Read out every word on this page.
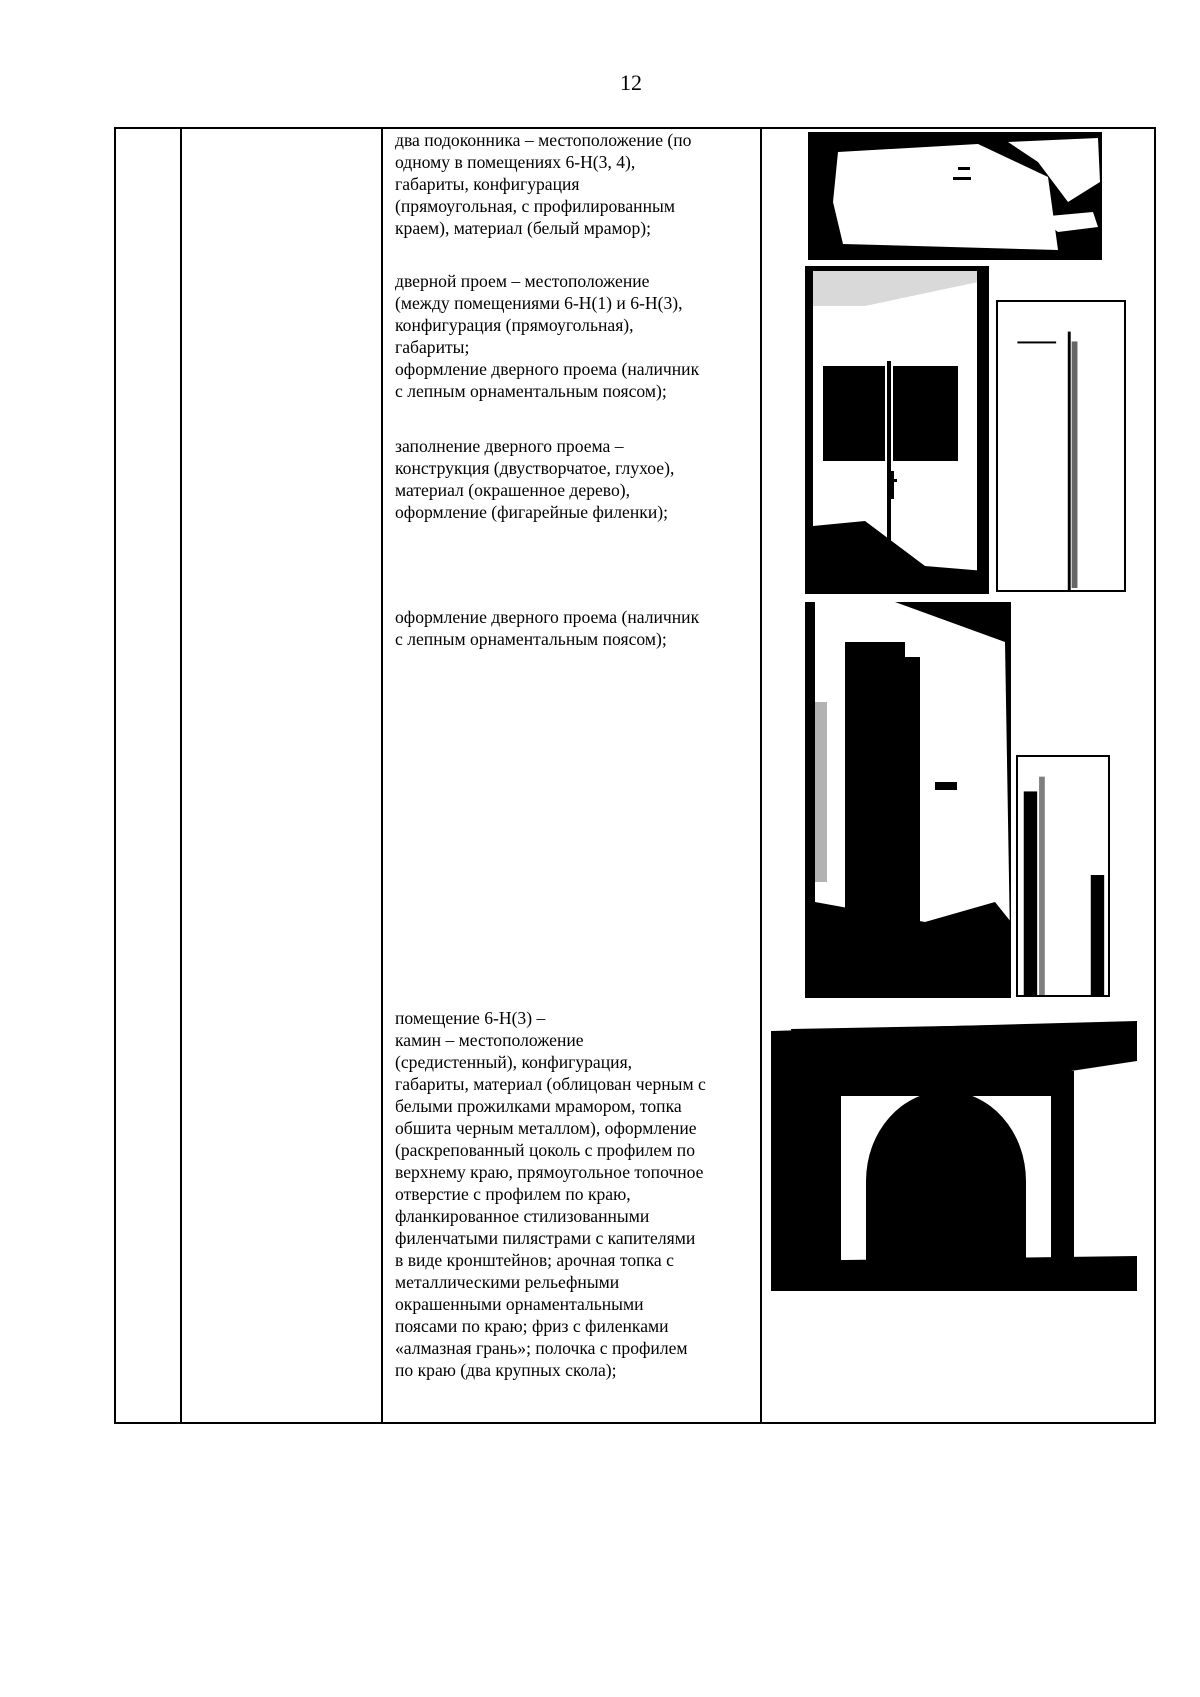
12

два подоконника – местоположение (по
одному в помещениях 6-Н(3, 4),
габариты, конфигурация
(прямоугольная, с профилированным
краем), материал (белый мрамор);
дверной проем – местоположение
(между помещениями 6-Н(1) и 6-Н(3),
конфигурация (прямоугольная),
габариты;
оформление дверного проема (наличник
с лепным орнаментальным поясом);
заполнение дверного проема –
конструкция (двустворчатое, глухое),
материал (окрашенное дерево),
оформление (фигарейные филенки);
оформление дверного проема (наличник
с лепным орнаментальным поясом);
помещение 6-Н(3) –
камин – местоположение
(средистенный), конфигурация,
габариты, материал (облицован черным с
белыми прожилками мрамором, топка
обшита черным металлом), оформление
(раскрепованный цоколь с профилем по
верхнему краю, прямоугольное топочное
отверстие с профилем по краю,
фланкированное стилизованными
филенчатыми пилястрами с капителями
в виде кронштейнов; арочная топка с
металлическими рельефными
окрашенными орнаментальными
поясами по краю; фриз с филенками
«алмазная грань»; полочка с профилем
по краю (два крупных скола);
